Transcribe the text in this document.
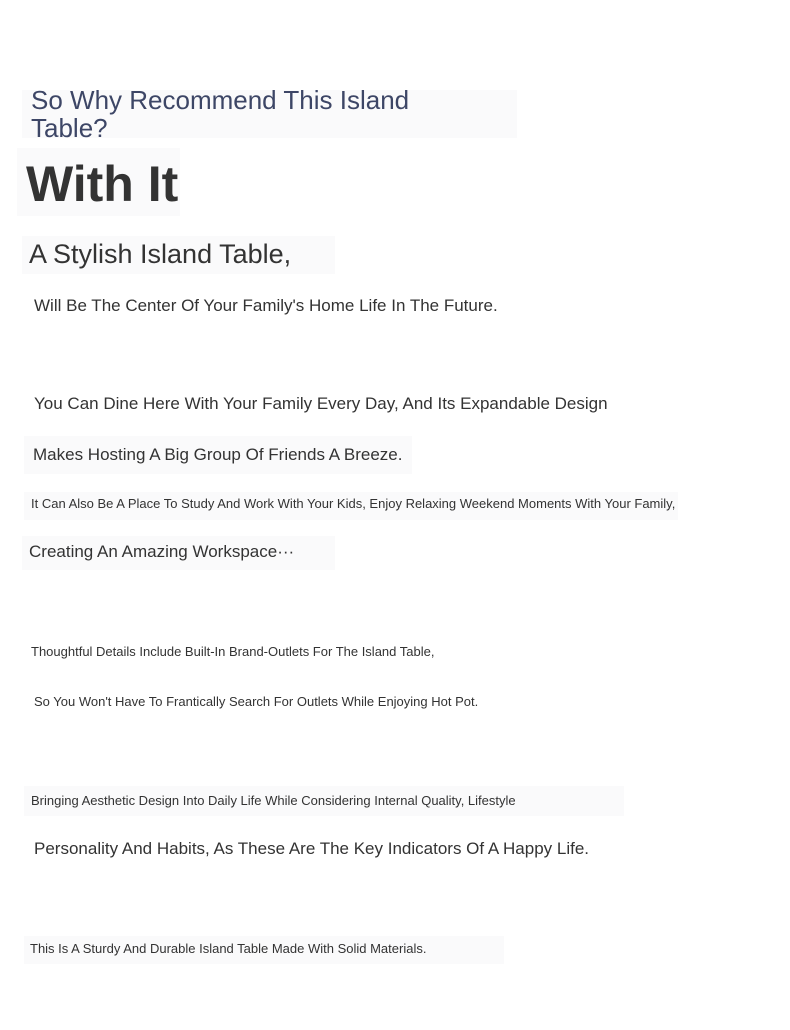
So Why Recommend This Island Table?
With It
A Stylish Island Table,
Will Be The Center Of Your Family's Home Life In The Future.
You Can Dine Here With Your Family Every Day, And Its Expandable Design
Makes Hosting A Big Group Of Friends A Breeze.
It Can Also Be A Place To Study And Work With Your Kids, Enjoy Relaxing Weekend Moments With Your Family,
Creating An Amazing Workspace···
Thoughtful Details Include Built-In Brand-Outlets For The Island Table,
So You Won't Have To Frantically Search For Outlets While Enjoying Hot Pot.
Bringing Aesthetic Design Into Daily Life While Considering Internal Quality, Lifestyle
Personality And Habits, As These Are The Key Indicators Of A Happy Life.
This Is A Sturdy And Durable Island Table Made With Solid Materials.
